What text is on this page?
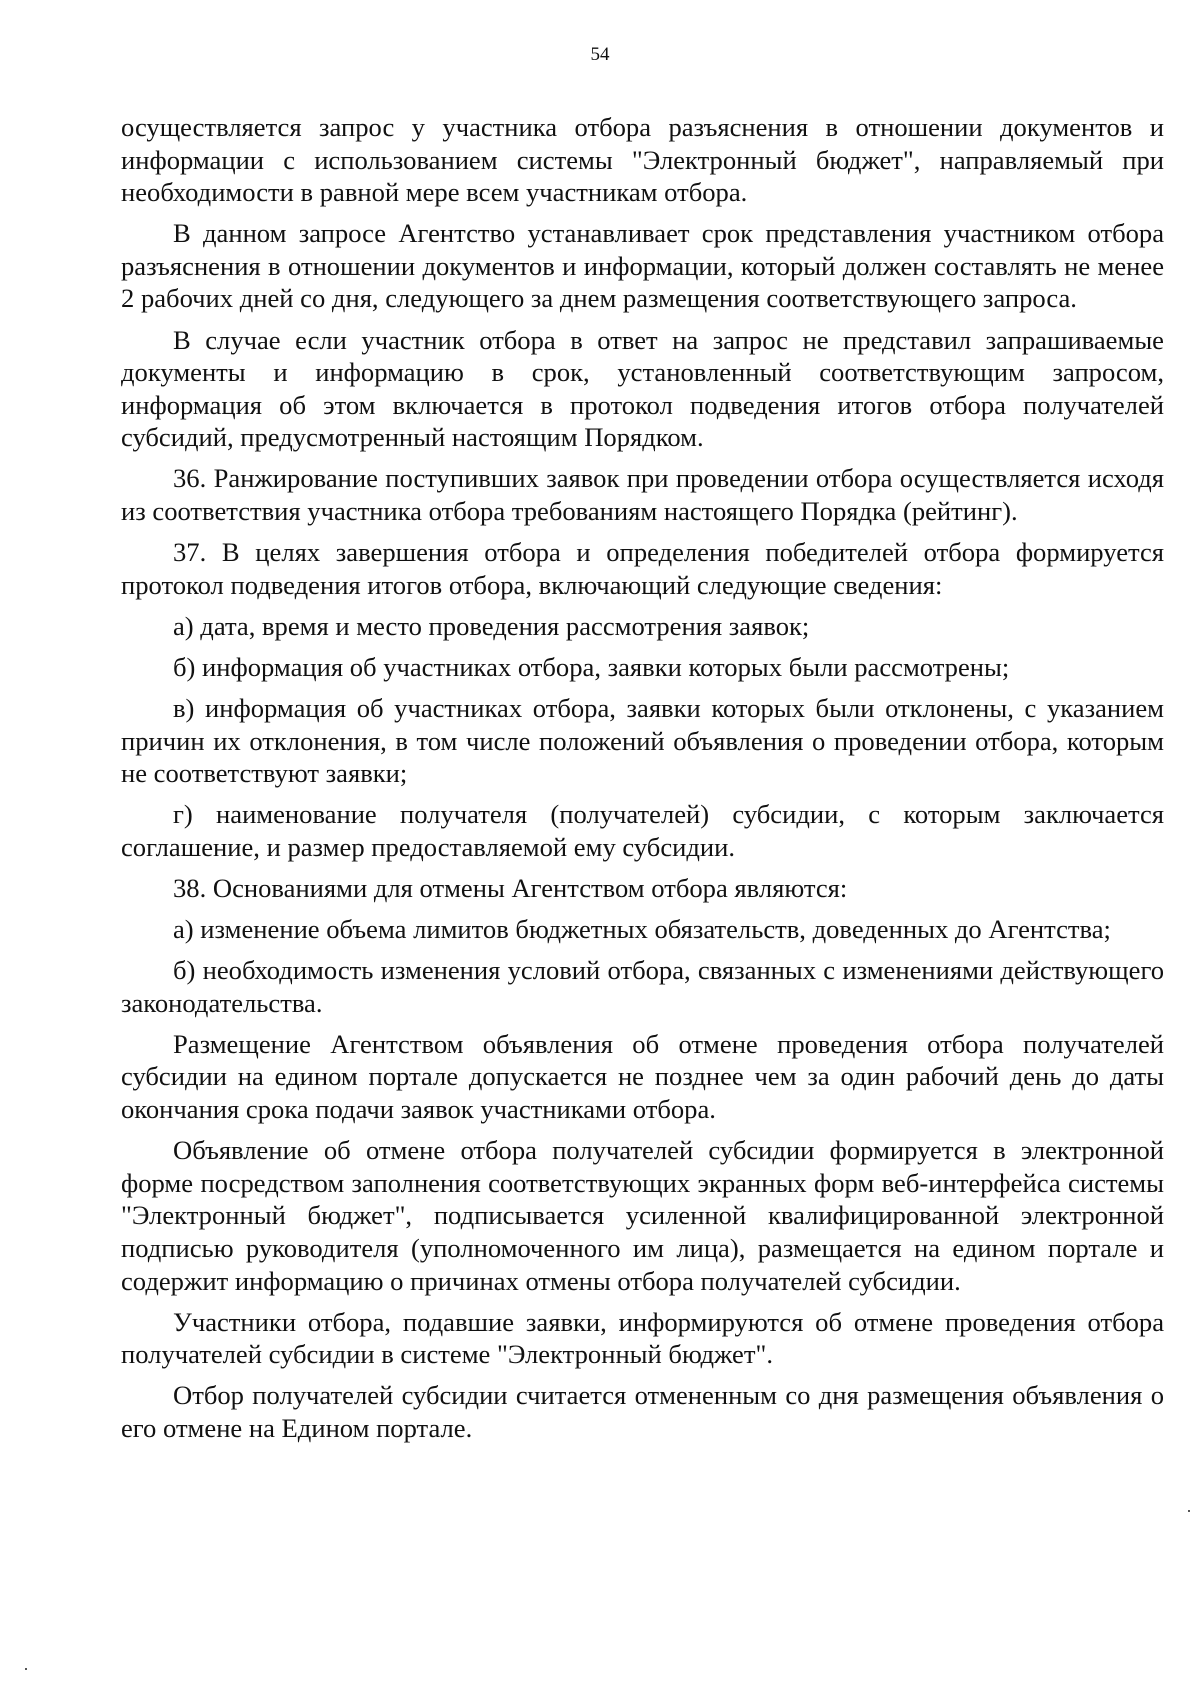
54

осуществляется запрос у участника отбора разъяснения в отношении документов и информации с использованием системы "Электронный бюджет", направляемый при необходимости в равной мере всем участникам отбора.

В данном запросе Агентство устанавливает срок представления участником отбора разъяснения в отношении документов и информации, который должен составлять не менее 2 рабочих дней со дня, следующего за днем размещения соответствующего запроса.

В случае если участник отбора в ответ на запрос не представил запрашиваемые документы и информацию в срок, установленный соответствующим запросом, информация об этом включается в протокол подведения итогов отбора получателей субсидий, предусмотренный настоящим Порядком.

36. Ранжирование поступивших заявок при проведении отбора осуществляется исходя из соответствия участника отбора требованиям настоящего Порядка (рейтинг).

37. В целях завершения отбора и определения победителей отбора формируется протокол подведения итогов отбора, включающий следующие сведения:

а) дата, время и место проведения рассмотрения заявок;

б) информация об участниках отбора, заявки которых были рассмотрены;

в) информация об участниках отбора, заявки которых были отклонены, с указанием причин их отклонения, в том числе положений объявления о проведении отбора, которым не соответствуют заявки;

г) наименование получателя (получателей) субсидии, с которым заключается соглашение, и размер предоставляемой ему субсидии.

38. Основаниями для отмены Агентством отбора являются:

а) изменение объема лимитов бюджетных обязательств, доведенных до Агентства;

б) необходимость изменения условий отбора, связанных с изменениями действующего законодательства.

Размещение Агентством объявления об отмене проведения отбора получателей субсидии на едином портале допускается не позднее чем за один рабочий день до даты окончания срока подачи заявок участниками отбора.

Объявление об отмене отбора получателей субсидии формируется в электронной форме посредством заполнения соответствующих экранных форм веб-интерфейса системы "Электронный бюджет", подписывается усиленной квалифицированной электронной подписью руководителя (уполномоченного им лица), размещается на едином портале и содержит информацию о причинах отмены отбора получателей субсидии.

Участники отбора, подавшие заявки, информируются об отмене проведения отбора получателей субсидии в системе "Электронный бюджет".

Отбор получателей субсидии считается отмененным со дня размещения объявления о его отмене на Едином портале.
